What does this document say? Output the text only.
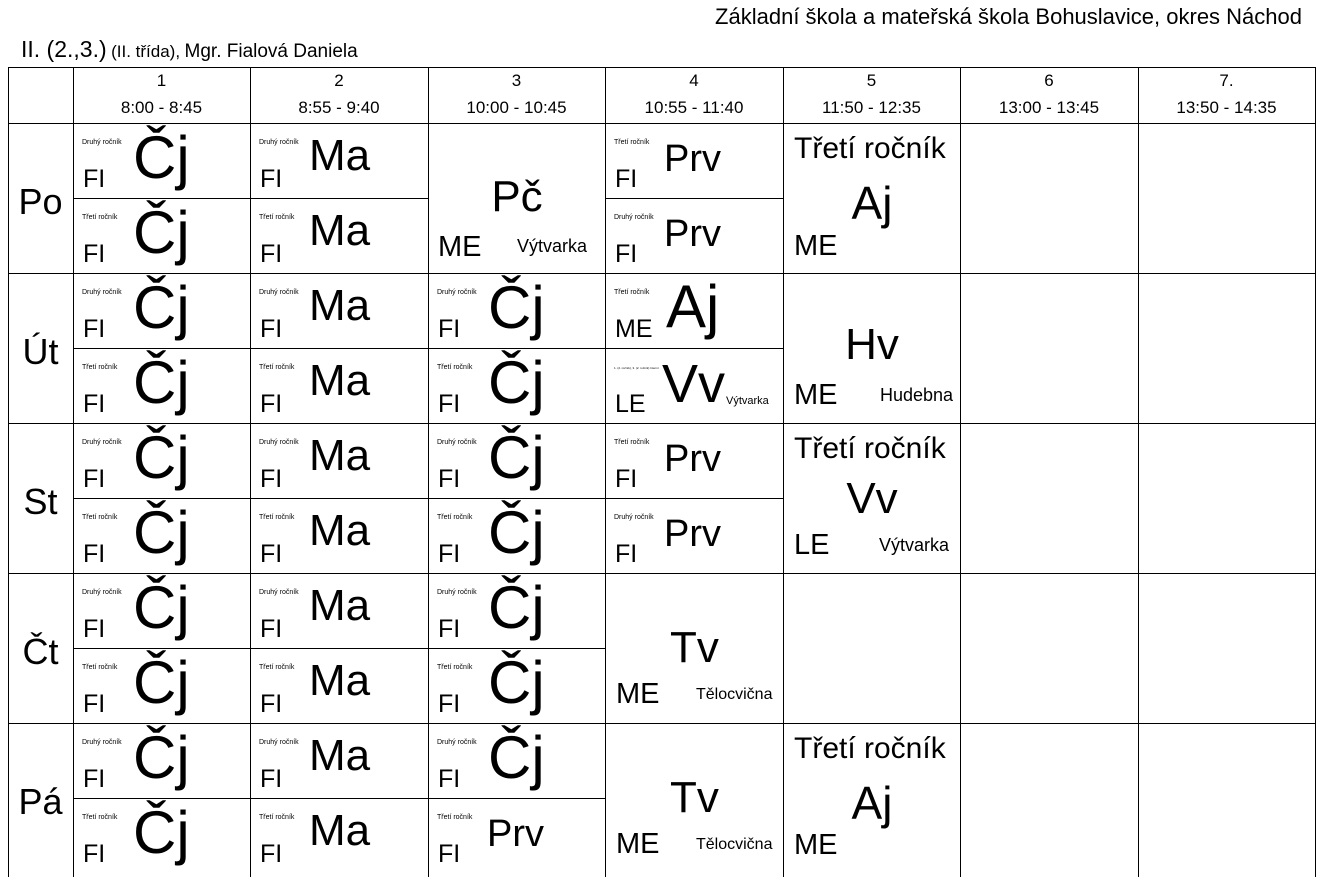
Základní škola a mateřská škola Bohuslavice, okres Náchod
II. (2.,3.) (II. třída), Mgr. Fialová Daniela
1
8:00 - 8:45
2
8:55 - 9:40
3
10:00 - 10:45
4
10:55 - 11:40
5
11:50 - 12:35
6
13:00 - 13:45
7.
13:50 - 14:35
Po
Út
St
Čt
Pá
Druhý ročník Čj
FI
Třetí ročník Čj
FI
Druhý ročník Ma
FI
Třetí ročník Ma
FI
Pč
ME Výtvarka
Třetí ročník Prv
FI
Druhý ročník Prv
FI
Třetí ročník
Aj
ME
Druhý ročník Čj
FI
Třetí ročník Čj
FI
Druhý ročník Ma
FI
Třetí ročník Ma
FI
Druhý ročník Čj
FI
Třetí ročník Čj
FI
Třetí ročník Aj
ME
1. (2. ročník), 3. (2. ročník) Interní Vv
LE	Výtvarka
Hv
ME Hudebna
Druhý ročník Čj
FI
Třetí ročník Čj
FI
Druhý ročník Ma
FI
Třetí ročník Ma
FI
Druhý ročník Čj
FI
Třetí ročník Čj
FI
Třetí ročník Prv
FI
Druhý ročník Prv
FI
Třetí ročník
Vv
LE	Výtvarka
Druhý ročník Čj
FI
Třetí ročník Čj
FI
Druhý ročník Ma
FI
Třetí ročník Ma
FI
Druhý ročník Čj
FI
Třetí ročník Čj
FI
Tv
ME Tělocvična
Druhý ročník Čj
FI
Třetí ročník Čj
FI
Druhý ročník Ma
FI
Třetí ročník Ma
FI
Druhý ročník Čj
FI
Třetí ročník Prv
FI
Tv
ME Tělocvična
Třetí ročník
Aj
ME
